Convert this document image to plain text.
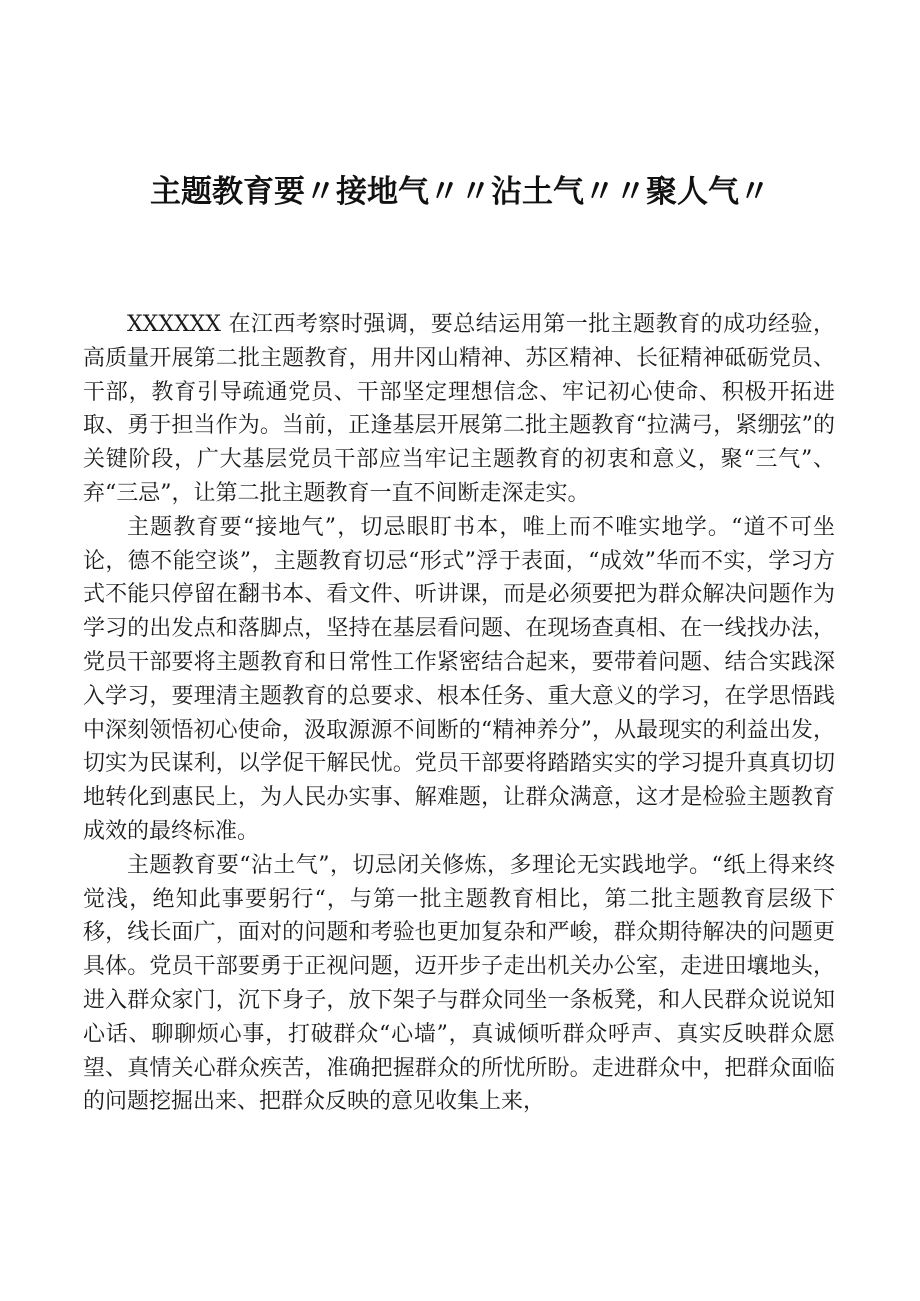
主题教育要〃接地气〃〃沾土气〃〃聚人气〃

XXXXXX 在江西考察时强调，要总结运用第一批主题教育的成功经验，高质量开展第二批主题教育，用井冈山精神、苏区精神、长征精神砥砺党员、干部，教育引导疏通党员、干部坚定理想信念、牢记初心使命、积极开拓进取、勇于担当作为。当前，正逢基层开展第二批主题教育“拉满弓，紧绷弦”的关键阶段，广大基层党员干部应当牢记主题教育的初衷和意义，聚“三气”、弃“三忌”，让第二批主题教育一直不间断走深走实。

主题教育要“接地气”，切忌眼盯书本，唯上而不唯实地学。“道不可坐论，德不能空谈”，主题教育切忌“形式”浮于表面，“成效”华而不实，学习方式不能只停留在翻书本、看文件、听讲课，而是必须要把为群众解决问题作为学习的出发点和落脚点，坚持在基层看问题、在现场查真相、在一线找办法，党员干部要将主题教育和日常性工作紧密结合起来，要带着问题、结合实践深入学习，要理清主题教育的总要求、根本任务、重大意义的学习，在学思悟践中深刻领悟初心使命，汲取源源不间断的“精神养分”，从最现实的利益出发，切实为民谋利，以学促干解民忧。党员干部要将踏踏实实的学习提升真真切切地转化到惠民上，为人民办实事、解难题，让群众满意，这才是检验主题教育成效的最终标准。

主题教育要“沾土气”，切忌闭关修炼，多理论无实践地学。“纸上得来终觉浅，绝知此事要躬行“，与第一批主题教育相比，第二批主题教育层级下移，线长面广，面对的问题和考验也更加复杂和严峻，群众期待解决的问题更具体。党员干部要勇于正视问题，迈开步子走出机关办公室，走进田壤地头，进入群众家门，沉下身子，放下架子与群众同坐一条板凳，和人民群众说说知心话、聊聊烦心事，打破群众“心墙”，真诚倾听群众呼声、真实反映群众愿望、真情关心群众疾苦，准确把握群众的所忧所盼。走进群众中，把群众面临的问题挖掘出来、把群众反映的意见收集上来，
